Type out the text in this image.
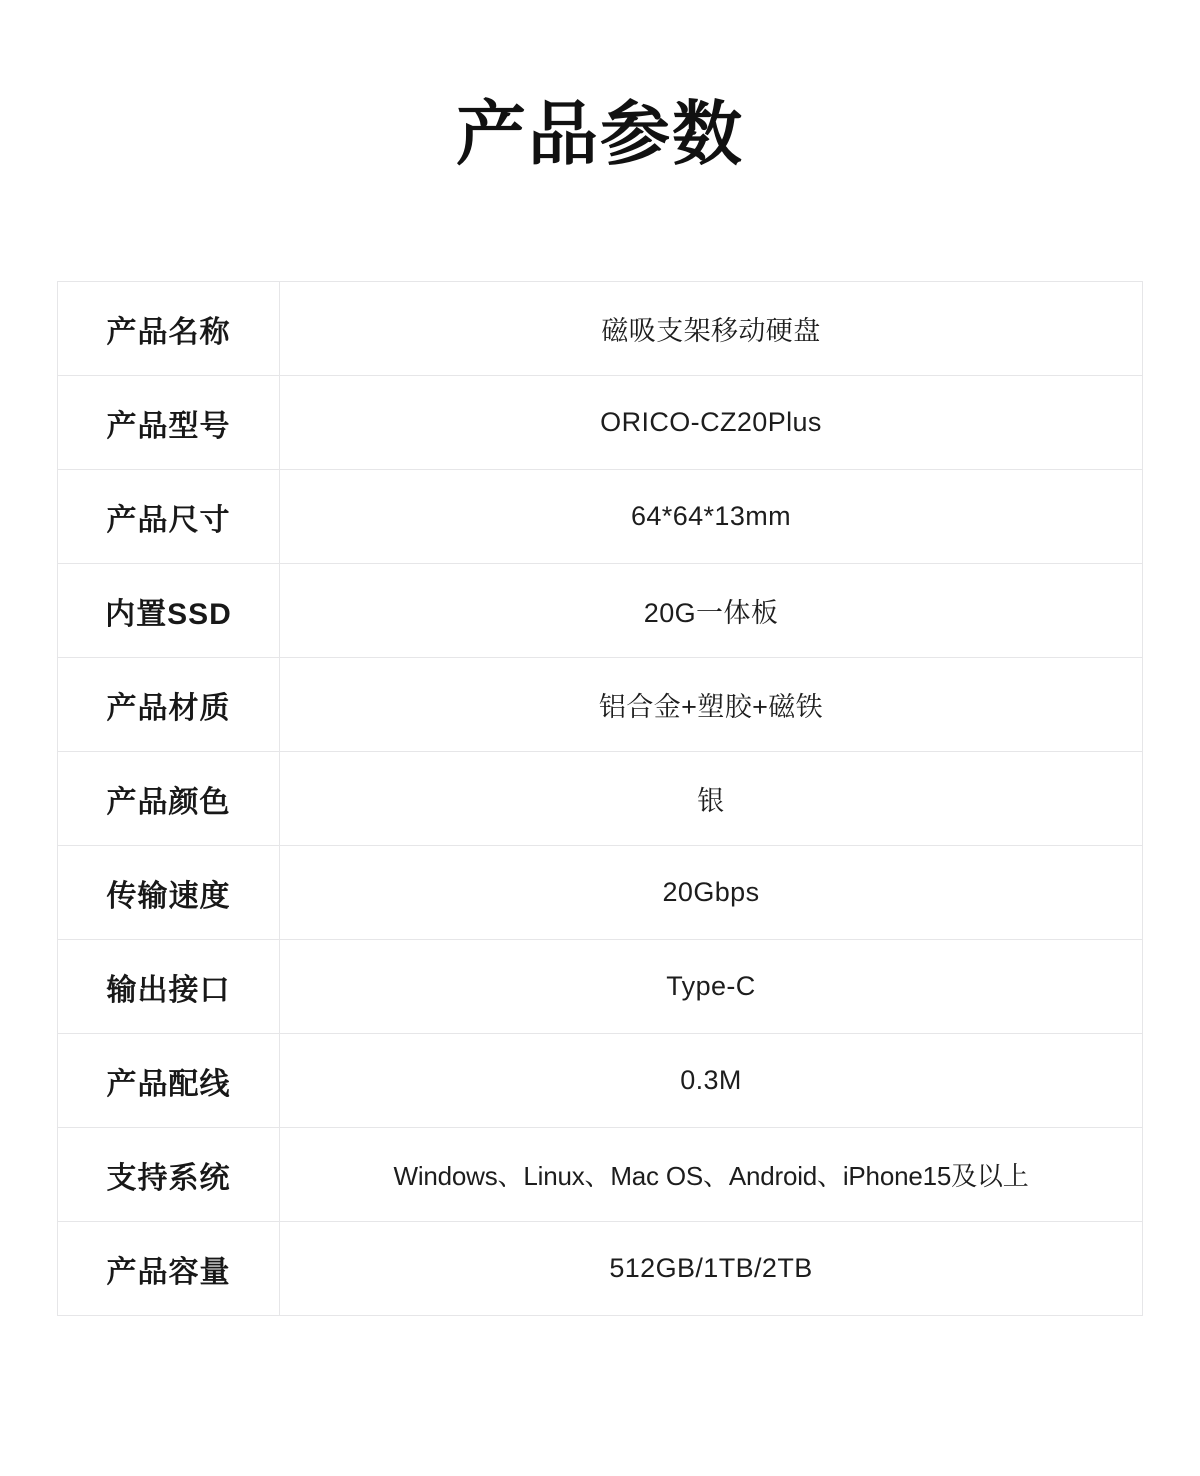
产品参数
产品名称	磁吸支架移动硬盘
产品型号	ORICO-CZ20Plus
产品尺寸	64*64*13mm
内置SSD	20G一体板
产品材质	铝合金+塑胶+磁铁
产品颜色	银
传输速度	20Gbps
输出接口	Type-C
产品配线	0.3M
支持系统	Windows、Linux、Mac OS、Android、iPhone15及以上
产品容量	512GB/1TB/2TB
